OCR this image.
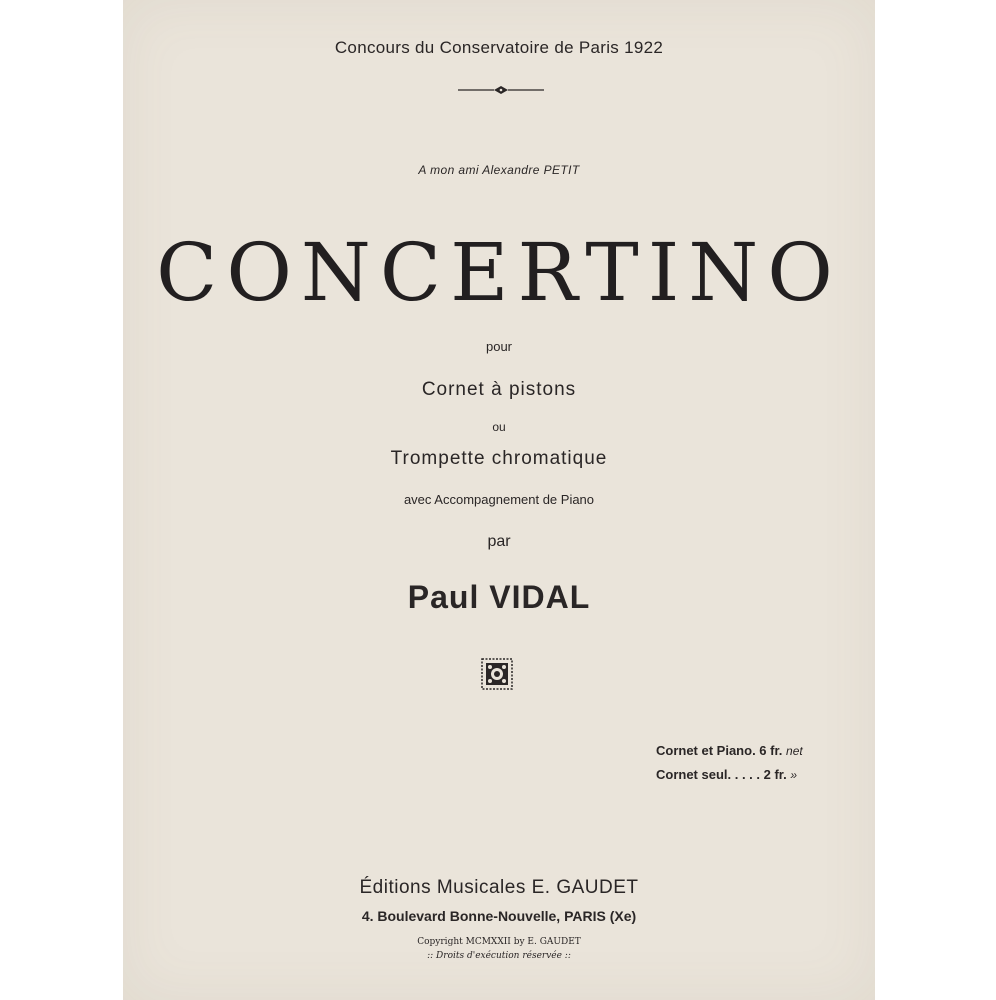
Concours du Conservatoire de Paris 1922
A mon ami Alexandre PETIT
CONCERTINO
pour
Cornet à pistons
ou
Trompette chromatique
avec Accompagnement de Piano
par
Paul VIDAL
Cornet et Piano. 6 fr. net
Cornet seul. . . . . 2 fr. »
Éditions Musicales E. GAUDET
4. Boulevard Bonne-Nouvelle, PARIS (Xe)
Copyright MCMXXII by E. GAUDET
:: Droits d'exécution réservée ::
